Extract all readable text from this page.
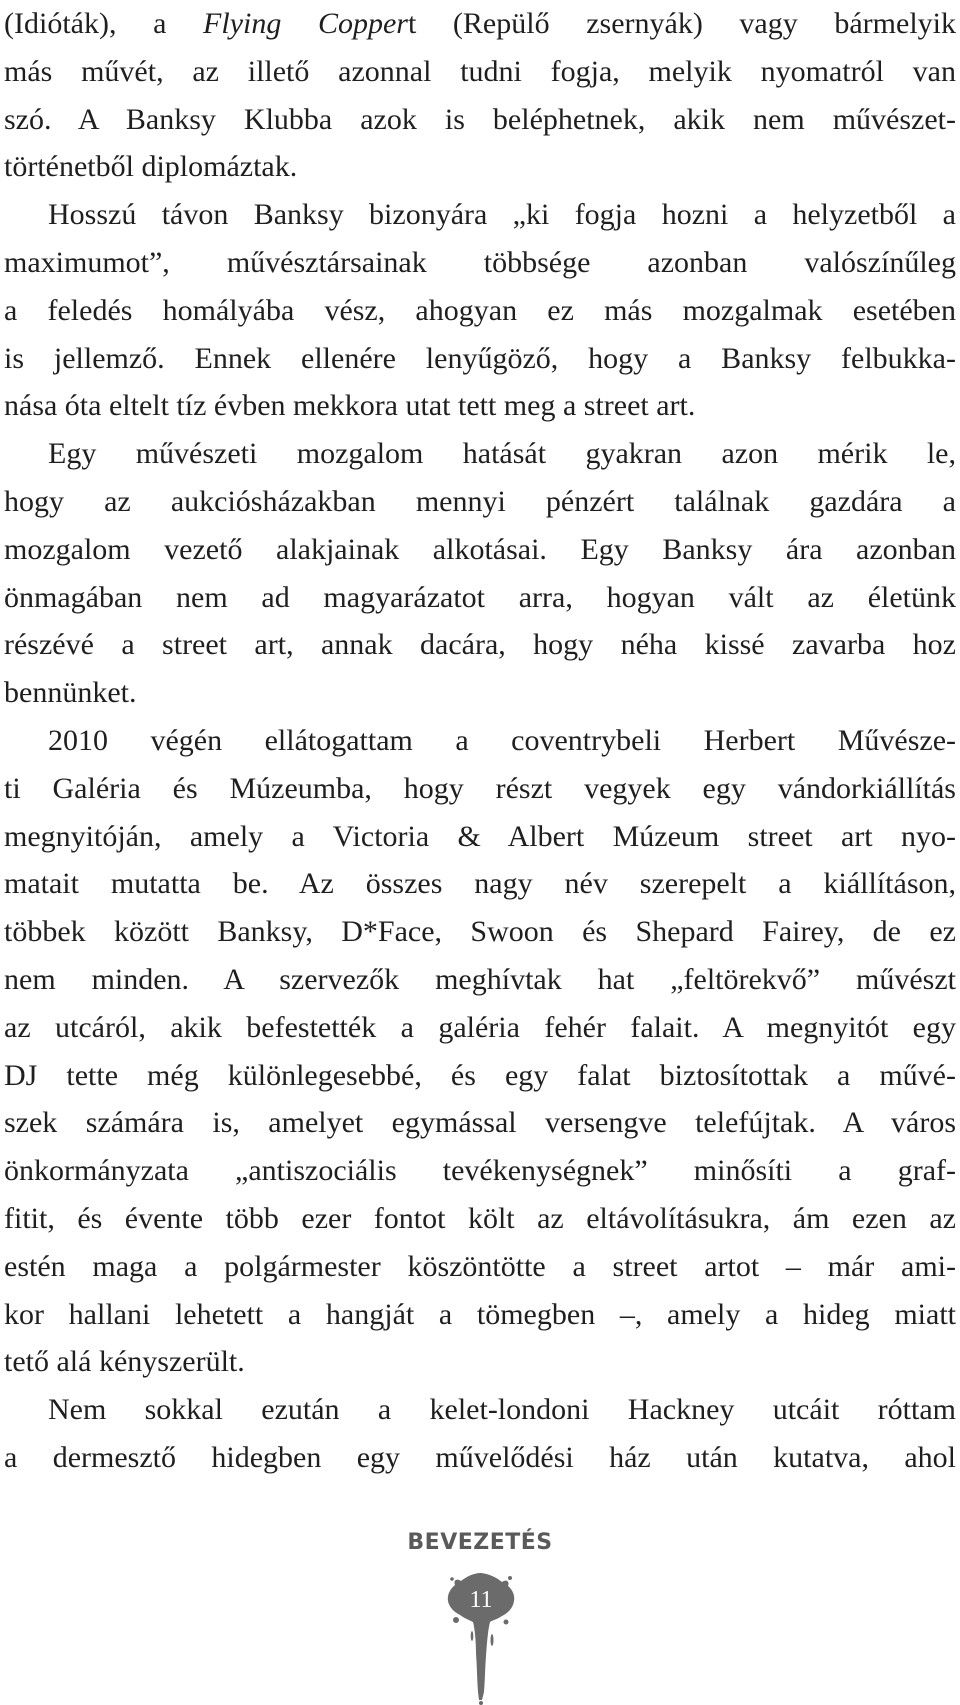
(Idióták), a Flying Coppert (Repülő zsernyák) vagy bármelyik
más művét, az illető azonnal tudni fogja, melyik nyomatról van
szó. A Banksy Klubba azok is beléphetnek, akik nem művészet-
történetből diplomáztak.
Hosszú távon Banksy bizonyára „ki fogja hozni a helyzetből a
maximumot”, művésztársainak többsége azonban valószínűleg
a feledés homályába vész, ahogyan ez más mozgalmak esetében
is jellemző. Ennek ellenére lenyűgöző, hogy a Banksy felbukka-
nása óta eltelt tíz évben mekkora utat tett meg a street art.
Egy művészeti mozgalom hatását gyakran azon mérik le,
hogy az aukciósházakban mennyi pénzért találnak gazdára a
mozgalom vezető alakjainak alkotásai. Egy Banksy ára azonban
önmagában nem ad magyarázatot arra, hogyan vált az életünk
részévé a street art, annak dacára, hogy néha kissé zavarba hoz
bennünket.
2010 végén ellátogattam a coventrybeli Herbert Művésze-
ti Galéria és Múzeumba, hogy részt vegyek egy vándorkiállítás
megnyitóján, amely a Victoria & Albert Múzeum street art nyo-
matait mutatta be. Az összes nagy név szerepelt a kiállításon,
többek között Banksy, D*Face, Swoon és Shepard Fairey, de ez
nem minden. A szervezők meghívtak hat „feltörekvő” művészt
az utcáról, akik befestették a galéria fehér falait. A megnyitót egy
DJ tette még különlegesebbé, és egy falat biztosítottak a művé-
szek számára is, amelyet egymással versengve telefújtak. A város
önkormányzata „antiszociális tevékenységnek” minősíti a graf-
fitit, és évente több ezer fontot költ az eltávolításukra, ám ezen az
estén maga a polgármester köszöntötte a street artot – már ami-
kor hallani lehetett a hangját a tömegben –, amely a hideg miatt
tető alá kényszerült.
Nem sokkal ezután a kelet-londoni Hackney utcáit róttam
a dermesztő hidegben egy művelődési ház után kutatva, ahol
BEVEZETÉS
11
